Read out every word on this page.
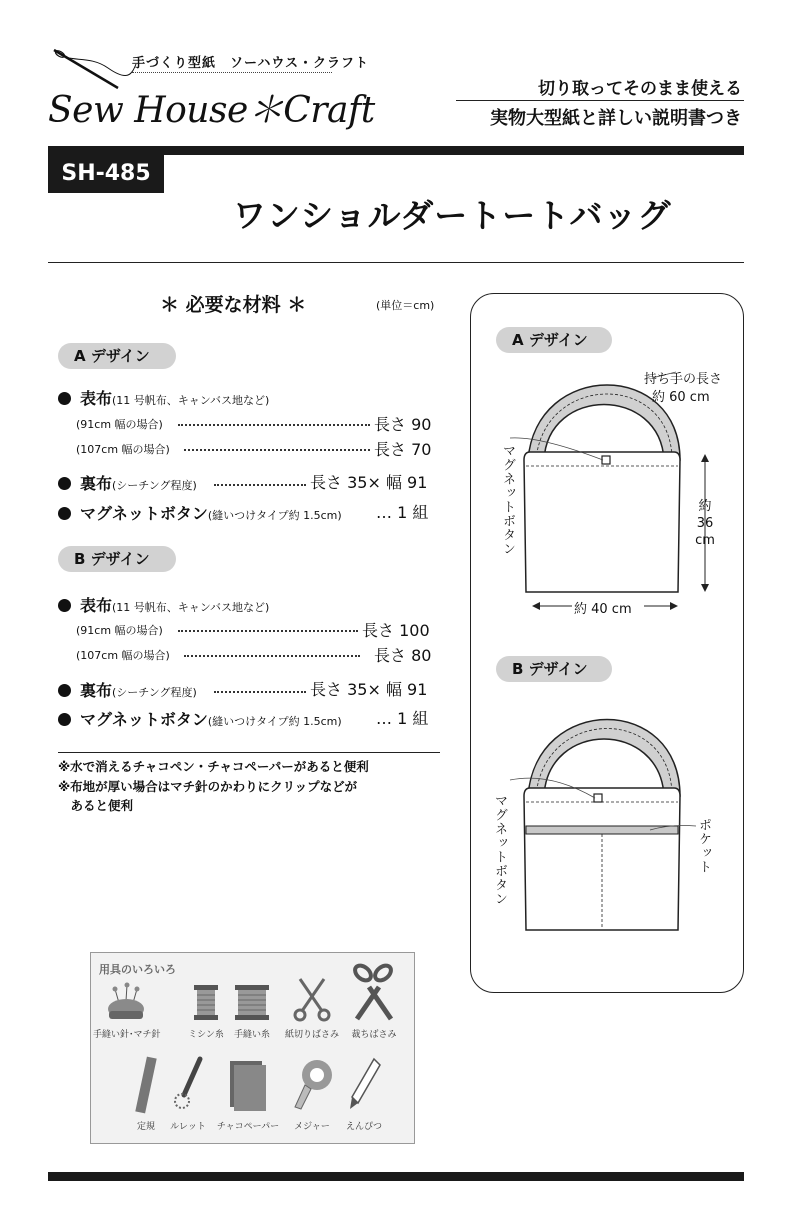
手づくり型紙　ソーハウス・クラフト
Sew House＊Craft
切り取ってそのまま使える
実物大型紙と詳しい説明書つき
SH-485
ワンショルダートートバッグ
＊ 必要な材料 ＊	(単位＝cm)
A デザイン
表布(11 号帆布、キャンバス地など)
(91cm 幅の場合)	長さ 90
(107cm 幅の場合)	長さ 70
裏布(シーチング程度)	長さ 35× 幅 91
マグネットボタン(縫いつけタイプ約 1.5cm) … 1 組
B デザイン
表布(11 号帆布、キャンバス地など)
(91cm 幅の場合)	長さ 100
(107cm 幅の場合)	長さ 80
裏布(シーチング程度)	長さ 35× 幅 91
マグネットボタン(縫いつけタイプ約 1.5cm) … 1 組
※水で消えるチャコペン・チャコペーパーがあると便利
※布地が厚い場合はマチ針のかわりにクリップなどが
　あると便利
用具のいろいろ
手縫い針･マチ針	ミシン糸	手縫い糸	紙切りばさみ	裁ちばさみ
定規	ルレット	チャコペーパー	メジャー	えんぴつ
A デザイン
持ち手の長さ
約 60 cm
マグネットボタン	約
36
cm
約 40 cm
B デザイン
マグネットボタン	ポケット
